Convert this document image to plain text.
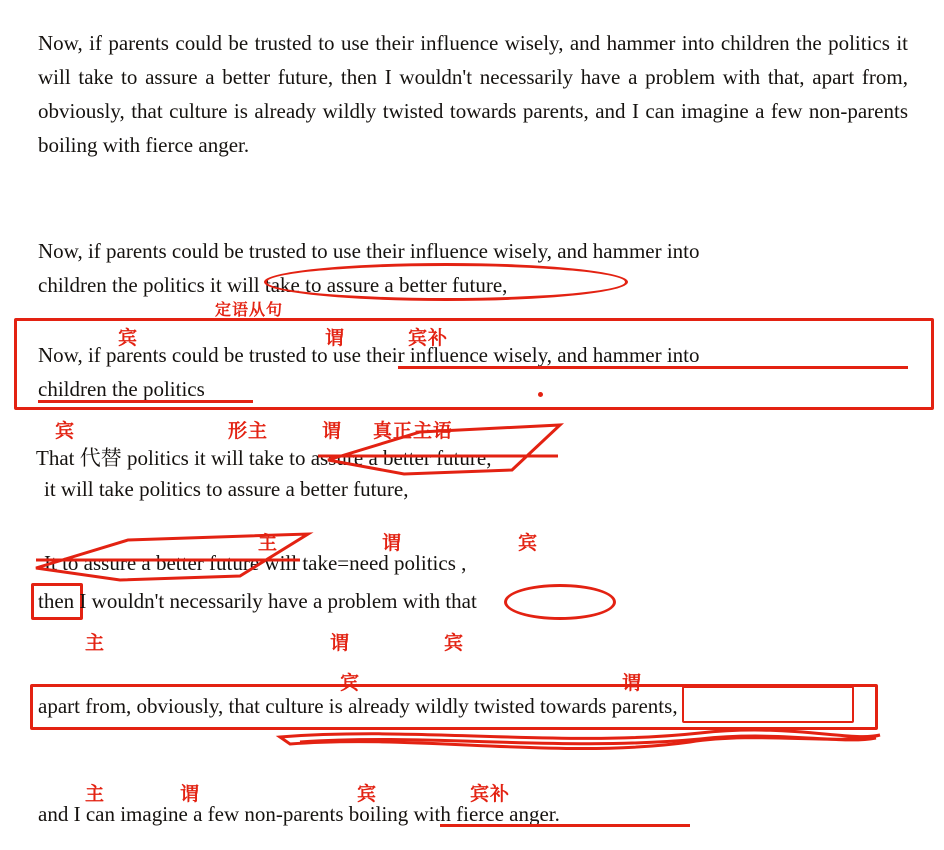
Now, if parents could be trusted to use their influence wisely, and hammer into children the politics it will take to assure a better future, then I wouldn't necessarily have a problem with that, apart from, obviously, that culture is already wildly twisted towards parents, and I can imagine a few non-parents boiling with fierce anger.
Now, if parents could be trusted to use their influence wisely, and hammer into
children the politics it will take to assure a better future,
定语从句
宾	谓	宾补
Now, if parents could be trusted to use their influence wisely, and hammer into
children the politics
宾	形主	谓 真正主语
That 代替 politics it will take to assure a better future,
it will take politics to assure a better future,
主	谓	宾
It to assure a better future will take=need politics ,
then I wouldn't necessarily have a problem with that
主	谓	宾
宾	谓
apart from, obviously, that culture is already wildly twisted towards parents,
主	谓	宾	宾补
and I can imagine a few non-parents boiling with fierce anger.
